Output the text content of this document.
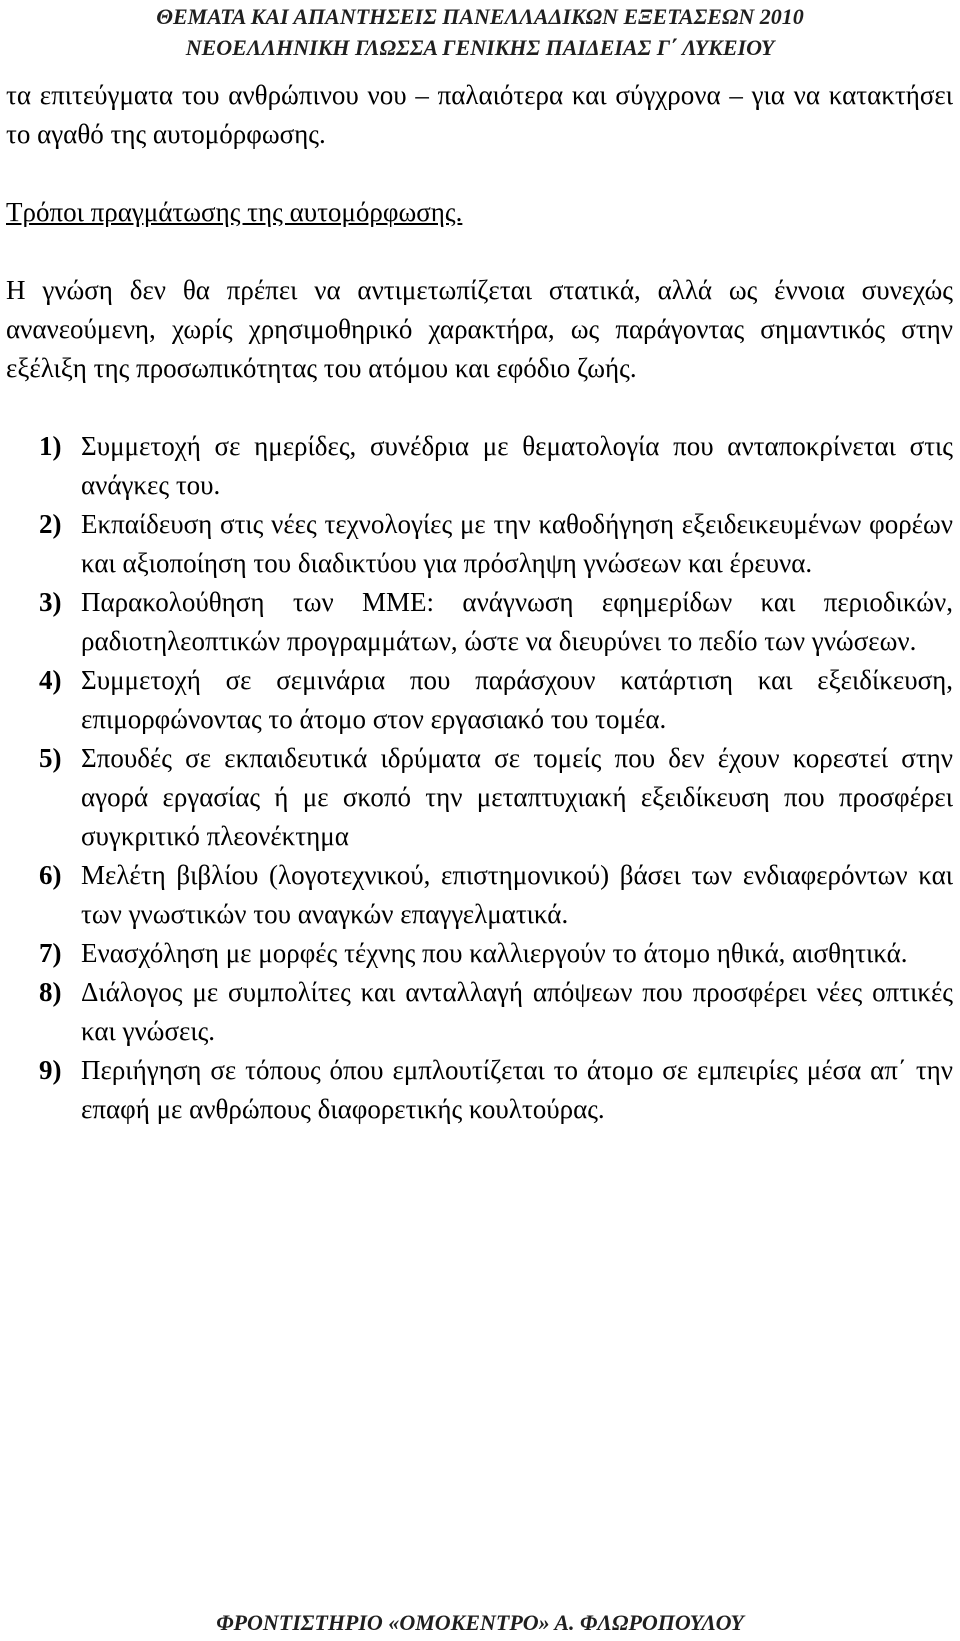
ΘΕΜΑΤΑ ΚΑΙ ΑΠΑΝΤΗΣΕΙΣ ΠΑΝΕΛΛΑΔΙΚΩΝ ΕΞΕΤΑΣΕΩΝ 2010
ΝΕΟΕΛΛΗΝΙΚΗ ΓΛΩΣΣΑ ΓΕΝΙΚΗΣ ΠΑΙΔΕΙΑΣ Γ΄ ΛΥΚΕΙΟΥ

τα επιτεύγματα του ανθρώπινου νου – παλαιότερα και σύγχρονα – για να κατακτήσει το αγαθό της αυτομόρφωσης.

Τρόποι πραγμάτωσης της αυτομόρφωσης.

Η γνώση δεν θα πρέπει να αντιμετωπίζεται στατικά, αλλά ως έννοια συνεχώς ανανεούμενη, χωρίς χρησιμοθηρικό χαρακτήρα, ως παράγοντας σημαντικός στην εξέλιξη της προσωπικότητας του ατόμου και εφόδιο ζωής.

1) Συμμετοχή σε ημερίδες, συνέδρια με θεματολογία που ανταποκρίνεται στις ανάγκες του.
2) Εκπαίδευση στις νέες τεχνολογίες με την καθοδήγηση εξειδεικευμένων φορέων και αξιοποίηση του διαδικτύου για πρόσληψη γνώσεων και έρευνα.
3) Παρακολούθηση των ΜΜΕ: ανάγνωση εφημερίδων και περιοδικών, ραδιοτηλεοπτικών προγραμμάτων, ώστε να διευρύνει το πεδίο των γνώσεων.
4) Συμμετοχή σε σεμινάρια που παράσχουν κατάρτιση και εξειδίκευση, επιμορφώνοντας το άτομο στον εργασιακό του τομέα.
5) Σπουδές σε εκπαιδευτικά ιδρύματα σε τομείς που δεν έχουν κορεστεί στην αγορά εργασίας ή με σκοπό την μεταπτυχιακή εξειδίκευση που προσφέρει συγκριτικό πλεονέκτημα
6) Μελέτη βιβλίου (λογοτεχνικού, επιστημονικού) βάσει των ενδιαφερόντων και των γνωστικών του αναγκών επαγγελματικά.
7) Ενασχόληση με μορφές τέχνης που καλλιεργούν το άτομο ηθικά, αισθητικά.
8) Διάλογος με συμπολίτες και ανταλλαγή απόψεων που προσφέρει νέες οπτικές και γνώσεις.
9) Περιήγηση σε τόπους όπου εμπλουτίζεται το άτομο σε εμπειρίες μέσα απ΄ την επαφή με ανθρώπους διαφορετικής κουλτούρας.
ΦΡΟΝΤΙΣΤΗΡΙΟ «ΟΜΟΚΕΝΤΡΟ» Α. ΦΛΩΡΟΠΟΥΛΟΥ
